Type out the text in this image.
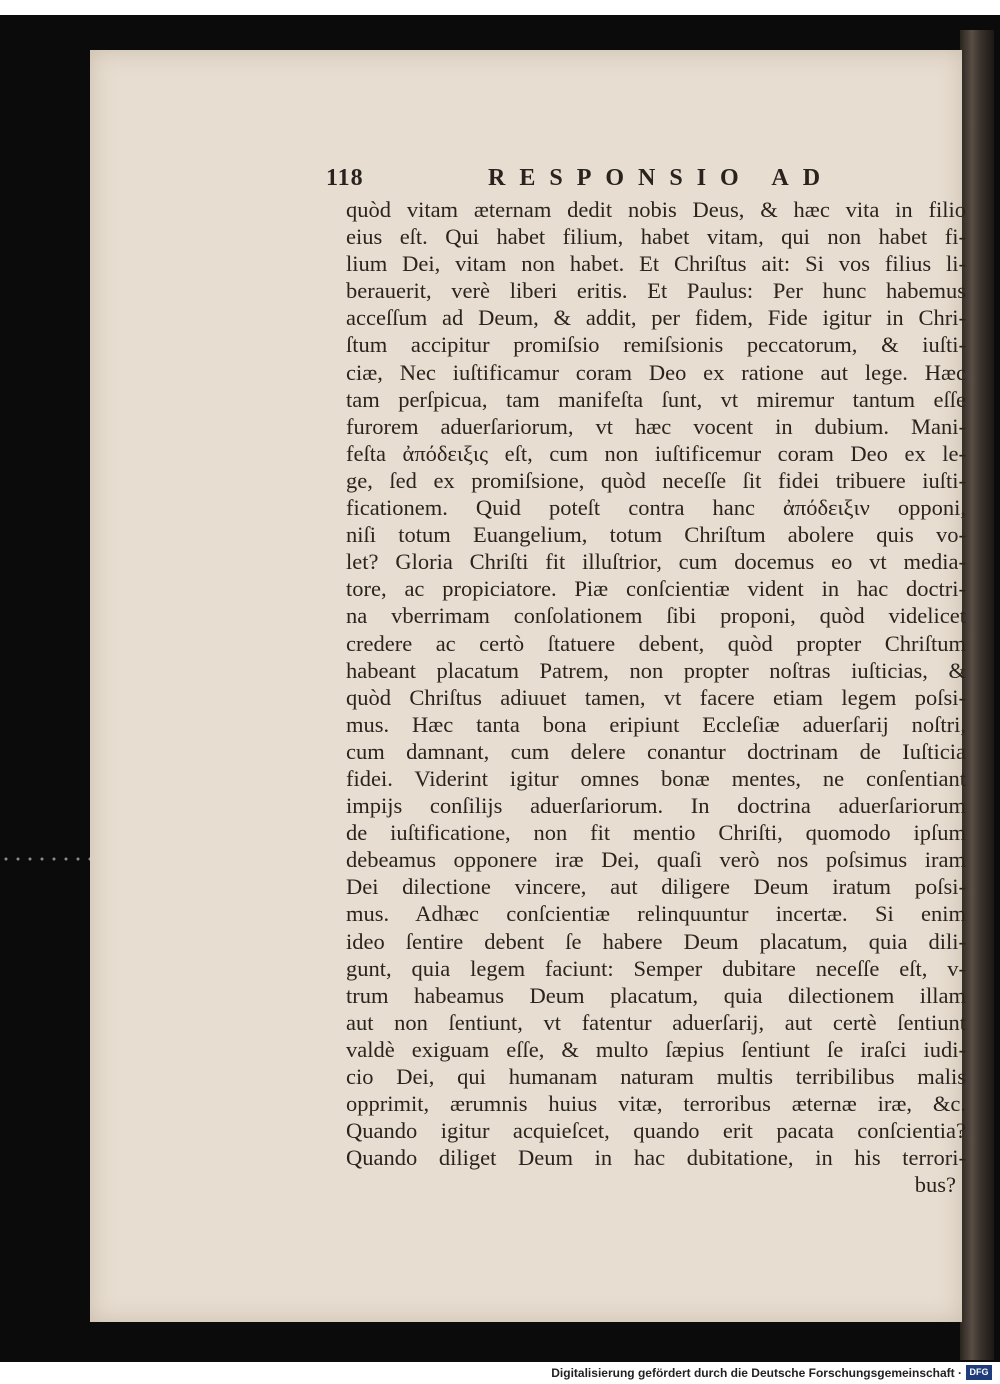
118	RESPONSIO AD
quòd vitam æternam dedit nobis Deus, & hæc vita in filio
eius eſt. Qui habet filium, habet vitam, qui non habet fi-
lium Dei, vitam non habet. Et Chriſtus ait: Si vos filius li-
berauerit, verè liberi eritis. Et Paulus: Per hunc habemus
acceſſum ad Deum, & addit, per fidem, Fide igitur in Chri-
ſtum accipitur promiſsio remiſsionis peccatorum, & iuſti-
ciæ, Nec iuſtificamur coram Deo ex ratione aut lege. Hæc
tam perſpicua, tam manifeſta ſunt, vt miremur tantum eſſe
furorem aduerſariorum, vt hæc vocent in dubium. Mani-
feſta ἀπόδειξις eſt, cum non iuſtificemur coram Deo ex le-
ge, ſed ex promiſsione, quòd neceſſe ſit fidei tribuere iuſti-
ficationem. Quid poteſt contra hanc ἀπόδειξιν opponi,
niſi totum Euangelium, totum Chriſtum abolere quis vo-
let? Gloria Chriſti fit illuſtrior, cum docemus eo vt media-
tore, ac propiciatore. Piæ conſcientiæ vident in hac doctri-
na vberrimam conſolationem ſibi proponi, quòd videlicet
credere ac certò ſtatuere debent, quòd propter Chriſtum
habeant placatum Patrem, non propter noſtras iuſticias, &
quòd Chriſtus adiuuet tamen, vt facere etiam legem poſsi-
mus. Hæc tanta bona eripiunt Eccleſiæ aduerſarij noſtri,
cum damnant, cum delere conantur doctrinam de Iuſticia
fidei. Viderint igitur omnes bonæ mentes, ne conſentiant
impijs conſilijs aduerſariorum. In doctrina aduerſariorum
de iuſtificatione, non fit mentio Chriſti, quomodo ipſum
debeamus opponere iræ Dei, quaſi verò nos poſsimus iram
Dei dilectione vincere, aut diligere Deum iratum poſsi-
mus. Adhæc conſcientiæ relinquuntur incertæ. Si enim
ideo ſentire debent ſe habere Deum placatum, quia dili-
gunt, quia legem faciunt: Semper dubitare neceſſe eſt, v-
trum habeamus Deum placatum, quia dilectionem illam
aut non ſentiunt, vt fatentur aduerſarij, aut certè ſentiunt
valdè exiguam eſſe, & multo ſæpius ſentiunt ſe iraſci iudi-
cio Dei, qui humanam naturam multis terribilibus malis
opprimit, ærumnis huius vitæ, terroribus æternæ iræ, &c.
Quando igitur acquieſcet, quando erit pacata conſcientia?
Quando diliget Deum in hac dubitatione, in his terrori-
bus?
Digitalisierung gefördert durch die Deutsche Forschungsgemeinschaft · DFG
